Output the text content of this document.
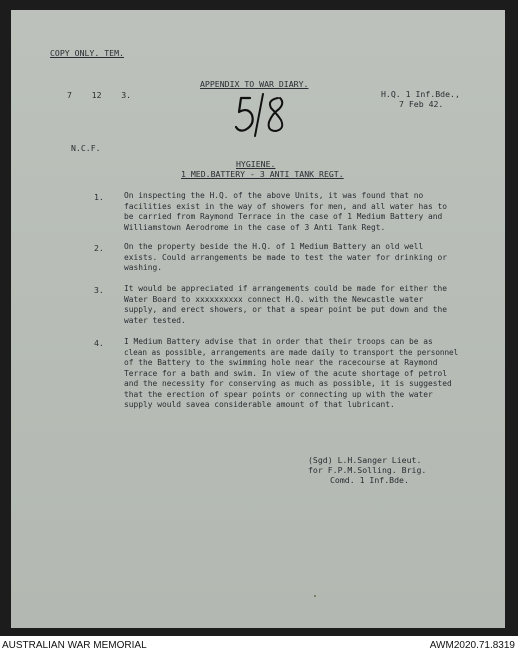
COPY ONLY. TEM.
APPENDIX TO WAR DIARY.
7    12    3.	H.Q. 1 Inf.Bde.,
7 Feb 42.
N.C.F.
HYGIENE.
1 MED.BATTERY - 3 ANTI TANK REGT.
1.	On inspecting the H.Q. of the above Units, it was found that no
facilities exist in the way of showers for men, and all water has to
be carried from Raymond Terrace in the case of 1 Medium Battery and
Williamstown Aerodrome in the case of 3 Anti Tank Regt.
2.	On the property beside the H.Q. of 1 Medium Battery an old well
exists. Could arrangements be made to test the water for drinking or
washing.
3.	It would be appreciated if arrangements could be made for either the
Water Board to xxxxxxxxxx connect H.Q. with the Newcastle water
supply, and erect showers, or that a spear point be put down and the
water tested.
4.	I Medium Battery advise that in order that their troops can be as
clean as possible, arrangements are made daily to transport the personnel
of the Battery to the swimming hole near the racecourse at Raymond
Terrace for a bath and swim. In view of the acute shortage of petrol
and the necessity for conserving as much as possible, it is suggested
that the erection of spear points or connecting up with the water
supply would savea considerable amount of that lubricant.
(Sgd) L.H.Sanger Lieut.
for F.P.M.Solling. Brig.
Comd. 1 Inf.Bde.
AUSTRALIAN WAR MEMORIAL	AWM2020.71.8319
